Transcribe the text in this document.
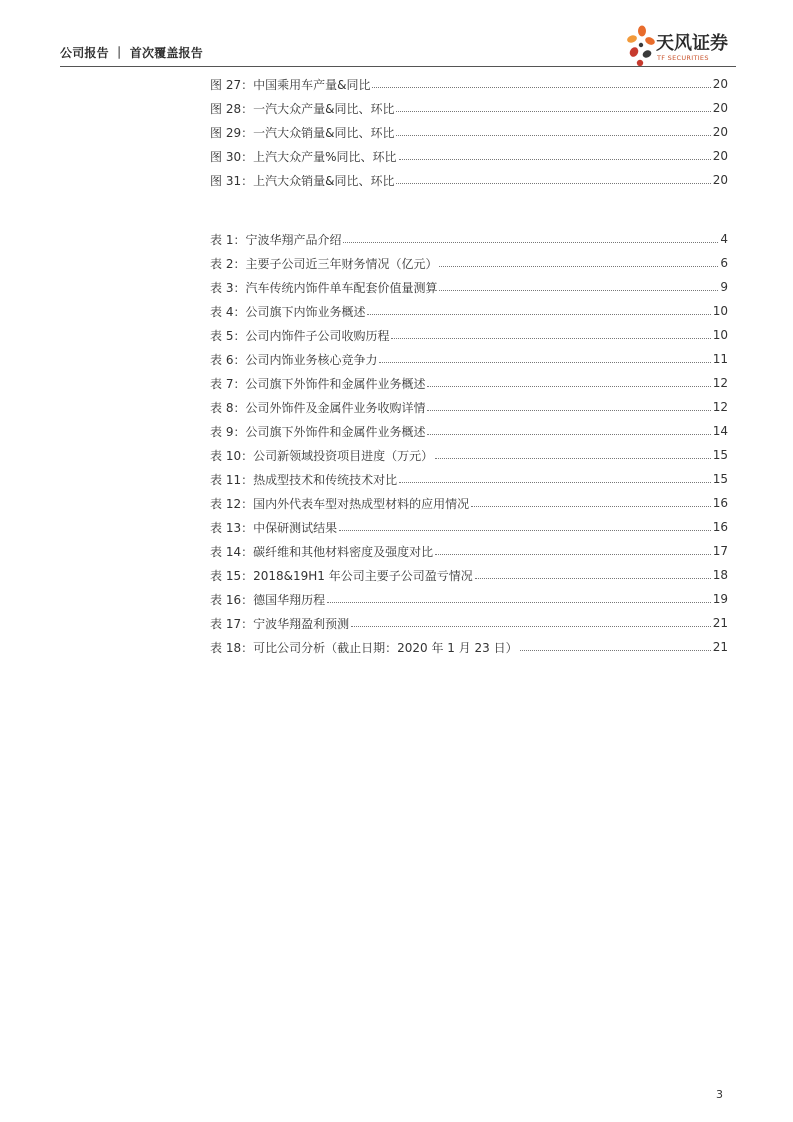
公司报告 ｜ 首次覆盖报告	天风证券
TF SECURITIES
图 27：中国乘用车产量&同比	20
图 28：一汽大众产量&同比、环比	20
图 29：一汽大众销量&同比、环比	20
图 30：上汽大众产量%同比、环比	20
图 31：上汽大众销量&同比、环比	20
表 1：宁波华翔产品介绍	4
表 2：主要子公司近三年财务情况（亿元）	6
表 3：汽车传统内饰件单车配套价值量测算	9
表 4：公司旗下内饰业务概述	10
表 5：公司内饰件子公司收购历程	10
表 6：公司内饰业务核心竞争力	11
表 7：公司旗下外饰件和金属件业务概述	12
表 8：公司外饰件及金属件业务收购详情	12
表 9：公司旗下外饰件和金属件业务概述	14
表 10：公司新领域投资项目进度（万元）	15
表 11：热成型技术和传统技术对比	15
表 12：国内外代表车型对热成型材料的应用情况	16
表 13：中保研测试结果	16
表 14：碳纤维和其他材料密度及强度对比	17
表 15：2018&19H1 年公司主要子公司盈亏情况	18
表 16：德国华翔历程	19
表 17：宁波华翔盈利预测	21
表 18：可比公司分析（截止日期：2020 年 1 月 23 日）	21
3
